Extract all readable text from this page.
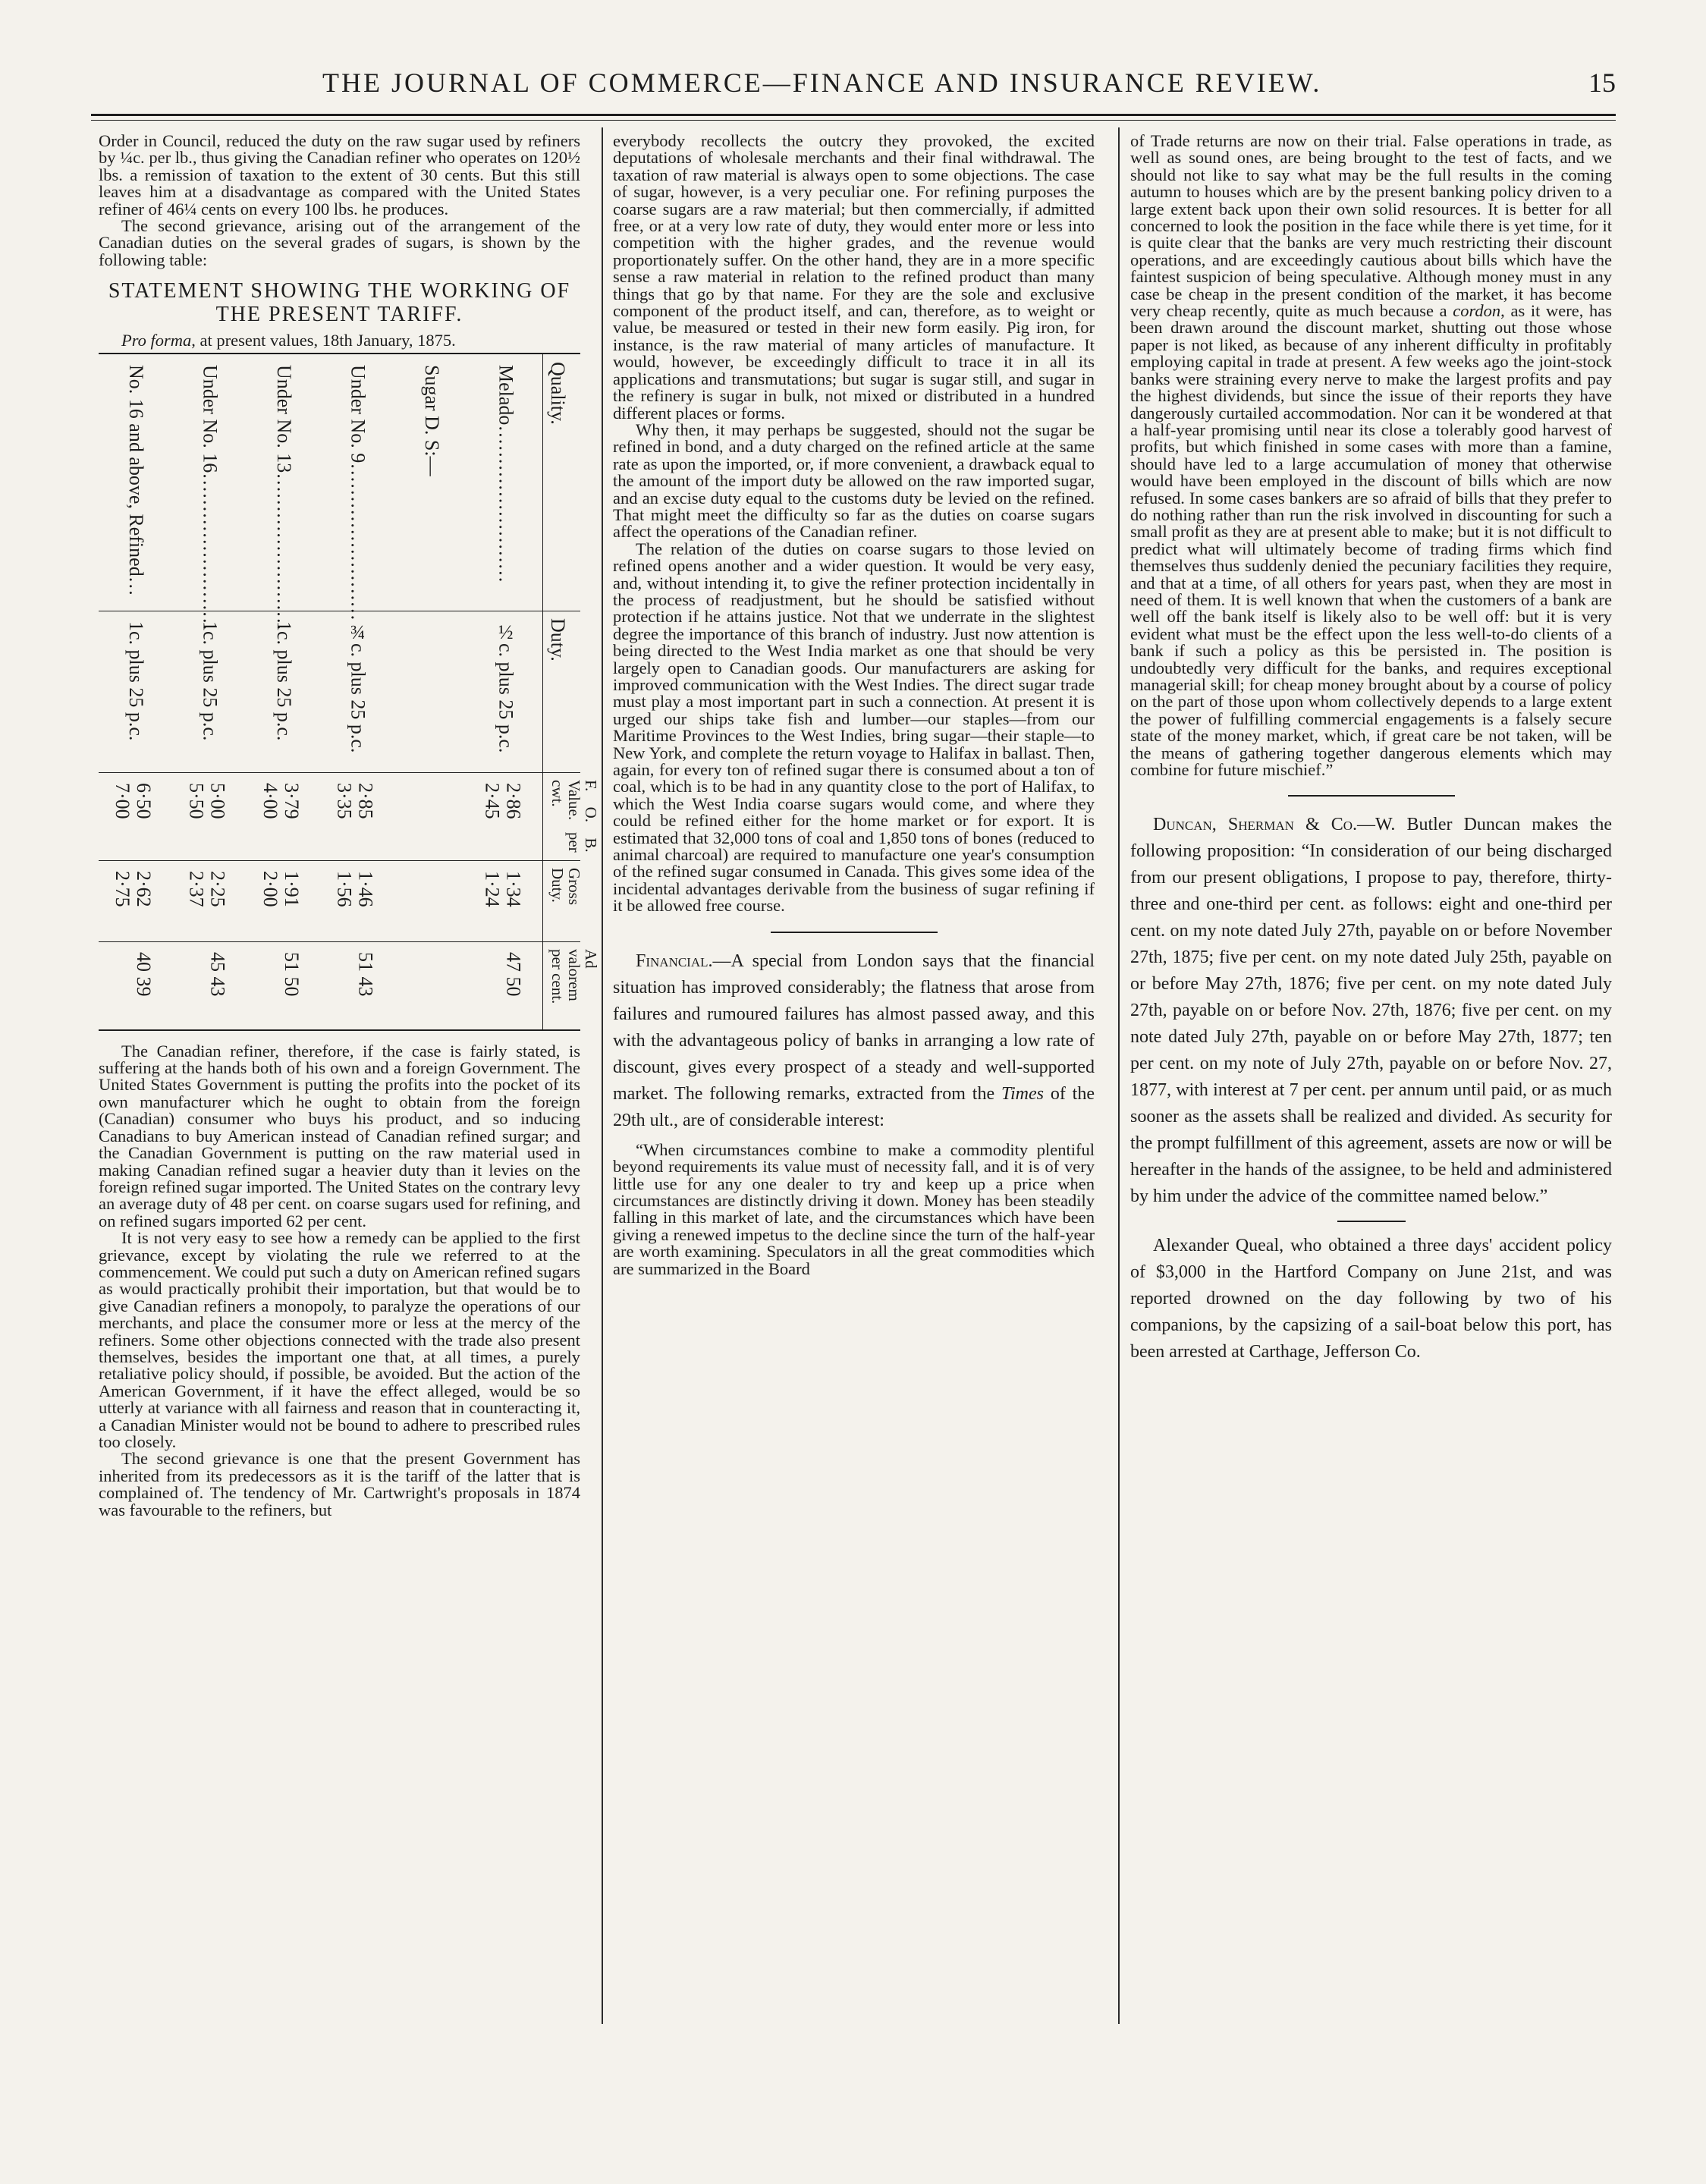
THE JOURNAL OF COMMERCE—FINANCE AND INSURANCE REVIEW.	15

Order in Council, reduced the duty on the raw sugar used by refiners by ¼c. per lb., thus giving the Canadian refiner who operates on 120½ lbs. a remission of taxation to the extent of 30 cents. But this still leaves him at a disadvantage as compared with the United States refiner of 46¼ cents on every 100 lbs. he produces.

The second grievance, arising out of the arrangement of the Canadian duties on the several grades of sugars, is shown by the following table:

STATEMENT SHOWING THE WORKING OF THE PRESENT TARIFF.

Pro forma, at present values, 18th January, 1875.

Quality.
Duty.
F. O. B. Value. per cwt.
Gross Duty.
Ad valorem per cent.
Melado……………………
½c. plus 25 p.c.
2·86 2·45
1·34 1·24
47 50
Sugar D. S:—
Under No. 9……………………
¾c. plus 25 p.c.
2·85 3·35
1·46 1·56
51 43
Under No. 13……………………
1c. plus 25 p.c.
3·79 4·00
1·91 2·00
51 50
Under No. 16……………………
1c. plus 25 p.c.
5·00 5·50
2·25 2·37
45 43
No. 16 and above, Refined…
1c. plus 25 p.c.
6·50 7·00
2·62 2·75
40 39

The Canadian refiner, therefore, if the case is fairly stated, is suffering at the hands both of his own and a foreign Government. The United States Government is putting the profits into the pocket of its own manufacturer which he ought to obtain from the foreign (Canadian) consumer who buys his product, and so inducing Canadians to buy American instead of Canadian refined surgar; and the Canadian Government is putting on the raw material used in making Canadian refined sugar a heavier duty than it levies on the foreign refined sugar imported. The United States on the contrary levy an average duty of 48 per cent. on coarse sugars used for refining, and on refined sugars imported 62 per cent.

It is not very easy to see how a remedy can be applied to the first grievance, except by violating the rule we referred to at the commencement. We could put such a duty on American refined sugars as would practically prohibit their importation, but that would be to give Canadian refiners a monopoly, to paralyze the operations of our merchants, and place the consumer more or less at the mercy of the refiners. Some other objections connected with the trade also present themselves, besides the important one that, at all times, a purely retaliative policy should, if possible, be avoided. But the action of the American Government, if it have the effect alleged, would be so utterly at variance with all fairness and reason that in counteracting it, a Canadian Minister would not be bound to adhere to prescribed rules too closely.

The second grievance is one that the present Government has inherited from its predecessors as it is the tariff of the latter that is complained of. The tendency of Mr. Cartwright's proposals in 1874 was favourable to the refiners, but

everybody recollects the outcry they provoked, the excited deputations of wholesale merchants and their final withdrawal. The taxation of raw material is always open to some objections. The case of sugar, however, is a very peculiar one. For refining purposes the coarse sugars are a raw material; but then commercially, if admitted free, or at a very low rate of duty, they would enter more or less into competition with the higher grades, and the revenue would proportionately suffer. On the other hand, they are in a more specific sense a raw material in relation to the refined product than many things that go by that name. For they are the sole and exclusive component of the product itself, and can, therefore, as to weight or value, be measured or tested in their new form easily. Pig iron, for instance, is the raw material of many articles of manufacture. It would, however, be exceedingly difficult to trace it in all its applications and transmutations; but sugar is sugar still, and sugar in the refinery is sugar in bulk, not mixed or distributed in a hundred different places or forms.

Why then, it may perhaps be suggested, should not the sugar be refined in bond, and a duty charged on the refined article at the same rate as upon the imported, or, if more convenient, a drawback equal to the amount of the import duty be allowed on the raw imported sugar, and an excise duty equal to the customs duty be levied on the refined. That might meet the difficulty so far as the duties on coarse sugars affect the operations of the Canadian refiner.

The relation of the duties on coarse sugars to those levied on refined opens another and a wider question. It would be very easy, and, without intending it, to give the refiner protection incidentally in the process of readjustment, but he should be satisfied without protection if he attains justice. Not that we underrate in the slightest degree the importance of this branch of industry. Just now attention is being directed to the West India market as one that should be very largely open to Canadian goods. Our manufacturers are asking for improved communication with the West Indies. The direct sugar trade must play a most important part in such a connection. At present it is urged our ships take fish and lumber—our staples—from our Maritime Provinces to the West Indies, bring sugar—their staple—to New York, and complete the return voyage to Halifax in ballast. Then, again, for every ton of refined sugar there is consumed about a ton of coal, which is to be had in any quantity close to the port of Halifax, to which the West India coarse sugars would come, and where they could be refined either for the home market or for export. It is estimated that 32,000 tons of coal and 1,850 tons of bones (reduced to animal charcoal) are required to manufacture one year's consumption of the refined sugar consumed in Canada. This gives some idea of the incidental advantages derivable from the business of sugar refining if it be allowed free course.

Financial.—A special from London says that the financial situation has improved considerably; the flatness that arose from failures and rumoured failures has almost passed away, and this with the advantageous policy of banks in arranging a low rate of discount, gives every prospect of a steady and well-supported market. The following remarks, extracted from the Times of the 29th ult., are of considerable interest:

“When circumstances combine to make a commodity plentiful beyond requirements its value must of necessity fall, and it is of very little use for any one dealer to try and keep up a price when circumstances are distinctly driving it down. Money has been steadily falling in this market of late, and the circumstances which have been giving a renewed impetus to the decline since the turn of the half-year are worth examining. Speculators in all the great commodities which are summarized in the Board

of Trade returns are now on their trial. False operations in trade, as well as sound ones, are being brought to the test of facts, and we should not like to say what may be the full results in the coming autumn to houses which are by the present banking policy driven to a large extent back upon their own solid resources. It is better for all concerned to look the position in the face while there is yet time, for it is quite clear that the banks are very much restricting their discount operations, and are exceedingly cautious about bills which have the faintest suspicion of being speculative. Although money must in any case be cheap in the present condition of the market, it has become very cheap recently, quite as much because a cordon, as it were, has been drawn around the discount market, shutting out those whose paper is not liked, as because of any inherent difficulty in profitably employing capital in trade at present. A few weeks ago the joint-stock banks were straining every nerve to make the largest profits and pay the highest dividends, but since the issue of their reports they have dangerously curtailed accommodation. Nor can it be wondered at that a half-year promising until near its close a tolerably good harvest of profits, but which finished in some cases with more than a famine, should have led to a large accumulation of money that otherwise would have been employed in the discount of bills which are now refused. In some cases bankers are so afraid of bills that they prefer to do nothing rather than run the risk involved in discounting for such a small profit as they are at present able to make; but it is not difficult to predict what will ultimately become of trading firms which find themselves thus suddenly denied the pecuniary facilities they require, and that at a time, of all others for years past, when they are most in need of them. It is well known that when the customers of a bank are well off the bank itself is likely also to be well off: but it is very evident what must be the effect upon the less well-to-do clients of a bank if such a policy as this be persisted in. The position is undoubtedly very difficult for the banks, and requires exceptional managerial skill; for cheap money brought about by a course of policy on the part of those upon whom collectively depends to a large extent the power of fulfilling commercial engagements is a falsely secure state of the money market, which, if great care be not taken, will be the means of gathering together dangerous elements which may combine for future mischief.”

Duncan, Sherman & Co.—W. Butler Duncan makes the following proposition: “In consideration of our being discharged from our present obligations, I propose to pay, therefore, thirty-three and one-third per cent. as follows: eight and one-third per cent. on my note dated July 27th, payable on or before November 27th, 1875; five per cent. on my note dated July 25th, payable on or before May 27th, 1876; five per cent. on my note dated July 27th, payable on or before Nov. 27th, 1876; five per cent. on my note dated July 27th, payable on or before May 27th, 1877; ten per cent. on my note of July 27th, payable on or before Nov. 27, 1877, with interest at 7 per cent. per annum until paid, or as much sooner as the assets shall be realized and divided. As security for the prompt fulfillment of this agreement, assets are now or will be hereafter in the hands of the assignee, to be held and administered by him under the advice of the committee named below.”

Alexander Queal, who obtained a three days' accident policy of $3,000 in the Hartford Company on June 21st, and was reported drowned on the day following by two of his companions, by the capsizing of a sail-boat below this port, has been arrested at Carthage, Jefferson Co.
